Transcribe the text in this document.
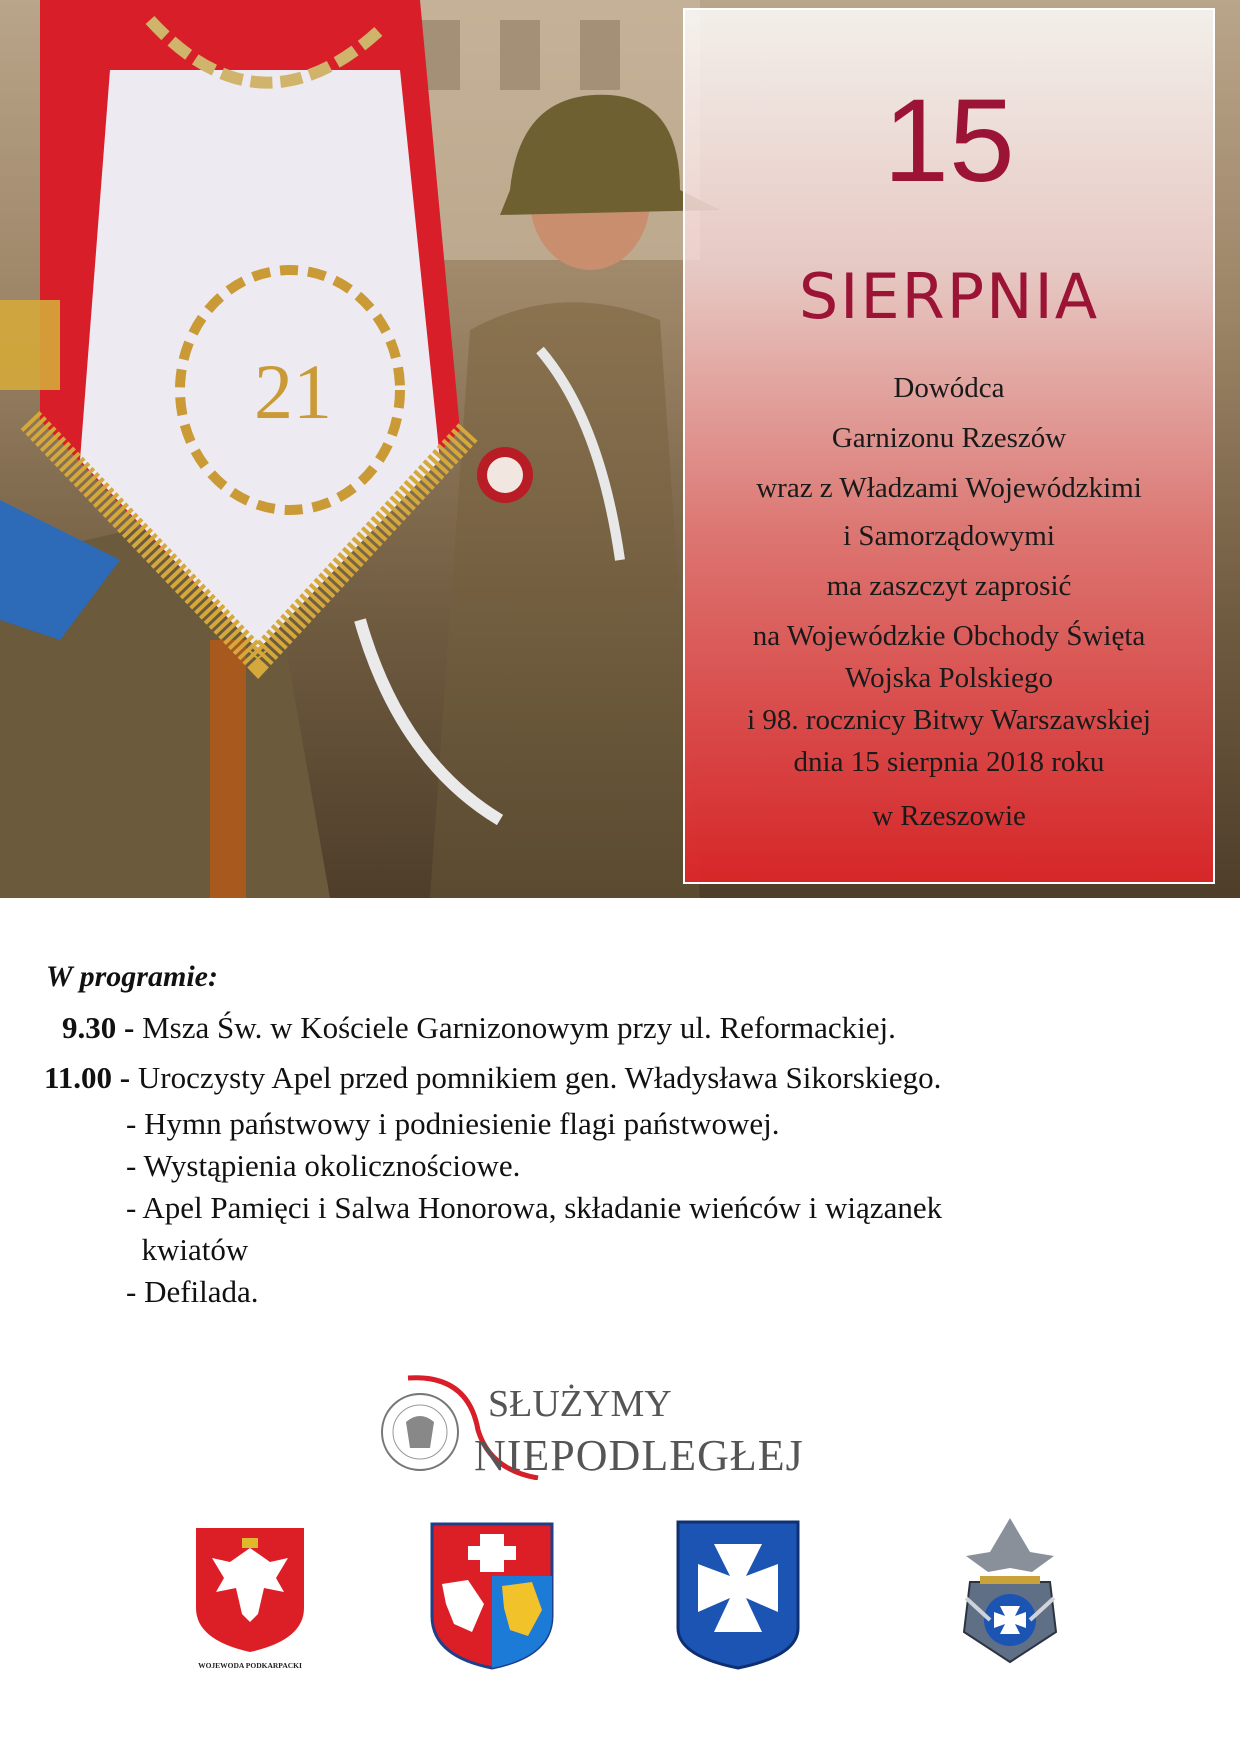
21
15
SIERPNIA
Dowódca
Garnizonu Rzeszów
wraz z Władzami Wojewódzkimi
i Samorządowymi
ma zaszczyt zaprosić
na Wojewódzkie Obchody Święta
Wojska Polskiego
i 98. rocznicy Bitwy Warszawskiej
dnia 15 sierpnia 2018 roku
w Rzeszowie
W programie:
9.30 - Msza Św. w Kościele Garnizonowym przy ul. Reformackiej.
11.00 - Uroczysty Apel przed pomnikiem gen. Władysława Sikorskiego.
- Hymn państwowy i podniesienie flagi państwowej.
- Wystąpienia okolicznościowe.
- Apel Pamięci i Salwa Honorowa, składanie wieńców i wiązanek
kwiatów
- Defilada.
SŁUŻYMY
NIEPODLEGŁEJ
WOJEWODA PODKARPACKI
